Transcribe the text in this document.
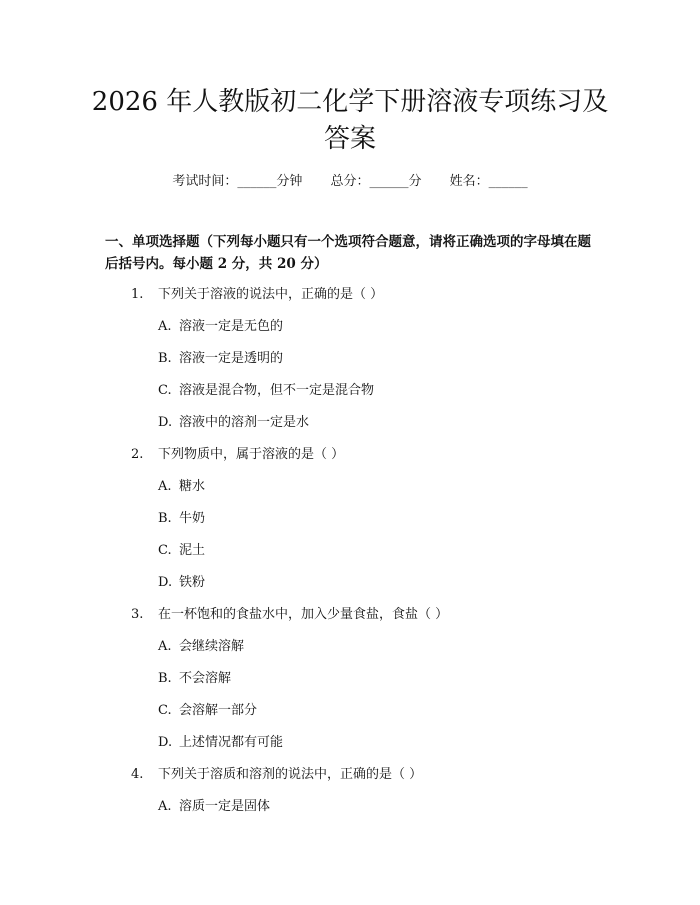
2026 年人教版初二化学下册溶液专项练习及答案
考试时间：______分钟 总分：______分 姓名：______

一、单项选择题（下列每小题只有一个选项符合题意，请将正确选项的字母填在题后括号内。每小题 2 分，共 20 分）

1. 下列关于溶液的说法中，正确的是（ ）
A. 溶液一定是无色的
B. 溶液一定是透明的
C. 溶液是混合物，但不一定是混合物
D. 溶液中的溶剂一定是水
2. 下列物质中，属于溶液的是（ ）
A. 糖水
B. 牛奶
C. 泥土
D. 铁粉
3. 在一杯饱和的食盐水中，加入少量食盐，食盐（ ）
A. 会继续溶解
B. 不会溶解
C. 会溶解一部分
D. 上述情况都有可能
4. 下列关于溶质和溶剂的说法中，正确的是（ ）
A. 溶质一定是固体
